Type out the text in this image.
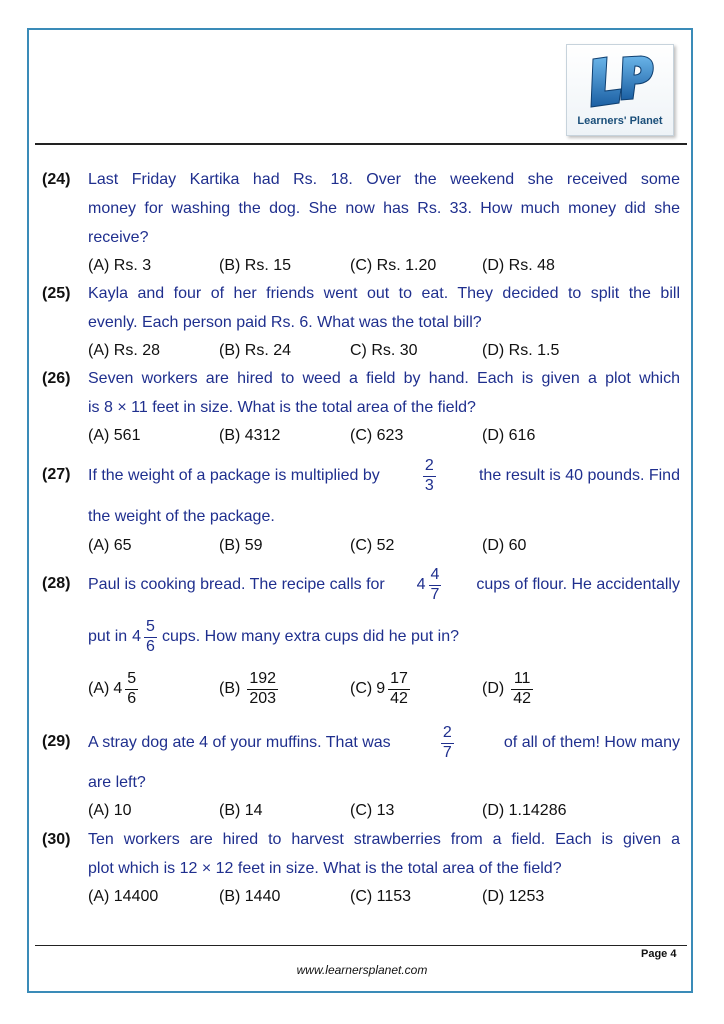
Learners' Planet
(24) Last Friday Kartika had Rs. 18. Over the weekend she received some
money for washing the dog. She now has Rs. 33. How much money did she
receive?
(A) Rs. 3	(B) Rs. 15	(C) Rs. 1.20	(D) Rs. 48
(25) Kayla and four of her friends went out to eat. They decided to split the bill
evenly. Each person paid Rs. 6. What was the total bill?
(A) Rs. 28	(B) Rs. 24	C) Rs. 30	(D) Rs. 1.5
(26) Seven workers are hired to weed a field by hand. Each is given a plot which
is 8 × 11 feet in size. What is the total area of the field?
(A) 561	(B) 4312	(C) 623	(D) 616
(27) If the weight of a package is multiplied by	$\frac{2}{3}$	the result is 40 pounds. Find
the weight of the package.
(A) 65	(B) 59	(C) 52	(D) 60
(28) Paul is cooking bread. The recipe calls for $4 \frac{4}{7}$ cups of flour. He accidentally
put in $4 \frac{5}{6}$ cups. How many extra cups did he put in?
(A) $4 \frac{5}{6}$	$(B) \frac{192}{203}$	(C) $9 \frac{17}{42}$	$(D) \frac{11}{42}$
(29) A stray dog ate 4 of your muffins. That was	$\frac{2}{7}$	of all of them! How many
are left?
(A) 10	(B) 14	(C) 13	(D) 1.14286
(30) Ten workers are hired to harvest strawberries from a field. Each is given a
plot which is 12 × 12 feet in size. What is the total area of the field?
(A) 14400	(B) 1440	(C) 1153	(D) 1253
Page 4
www.learnersplanet.com
